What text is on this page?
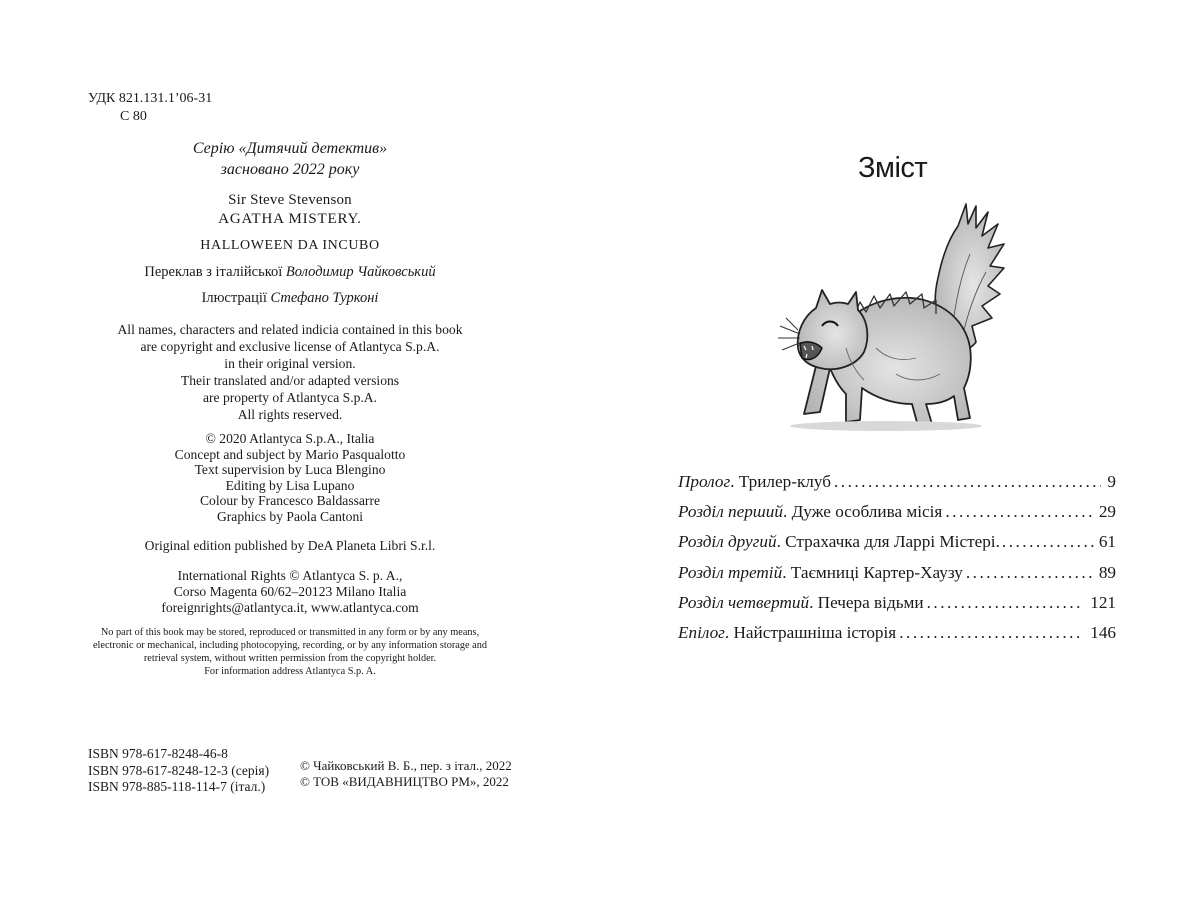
УДК 821.131.1’06-31
С 80
Серію «Дитячий детектив»
засновано 2022 року
Sir Steve Stevenson
AGATHA MISTERY.
HALLOWEEN DA INCUBO
Переклав з італійської Володимир Чайковський
Ілюстрації Стефано Турконі
All names, characters and related indicia contained in this book
are copyright and exclusive license of Atlantyca S.p.A.
in their original version.
Their translated and/or adapted versions
are property of Atlantyca S.p.A.
All rights reserved.
© 2020 Atlantyca S.p.A., Italia
Concept and subject by Mario Pasqualotto
Text supervision by Luca Blengino
Editing by Lisa Lupano
Colour by Francesco Baldassarre
Graphics by Paola Cantoni
Original edition published by DeA Planeta Libri S.r.l.
International Rights © Atlantyca S. p. A.,
Corso Magenta 60/62–20123 Milano Italia
foreignrights@atlantyca.it, www.atlantyca.com
No part of this book may be stored, reproduced or transmitted in any form or by any means,
electronic or mechanical, including photocopying, recording, or by any information storage and
retrieval system, without written permission from the copyright holder.
For information address Atlantyca S.p. A.
ISBN 978-617-8248-46-8
ISBN 978-617-8248-12-3 (серія)
ISBN 978-885-118-114-7 (італ.)
© Чайковський В. Б., пер. з італ., 2022
© ТОВ «ВИДАВНИЦТВО РМ», 2022
Зміст
Пролог. Трилер-клуб .....	9
Розділ перший. Дуже особлива місія .....	29
Розділ другий. Страхачка для Ларрі Містері. .....	61
Розділ третій. Таємниці Картер-Хаузу .....	89
Розділ четвертий. Печера відьми .....	121
Епілог. Найстрашніша історія .....	146
